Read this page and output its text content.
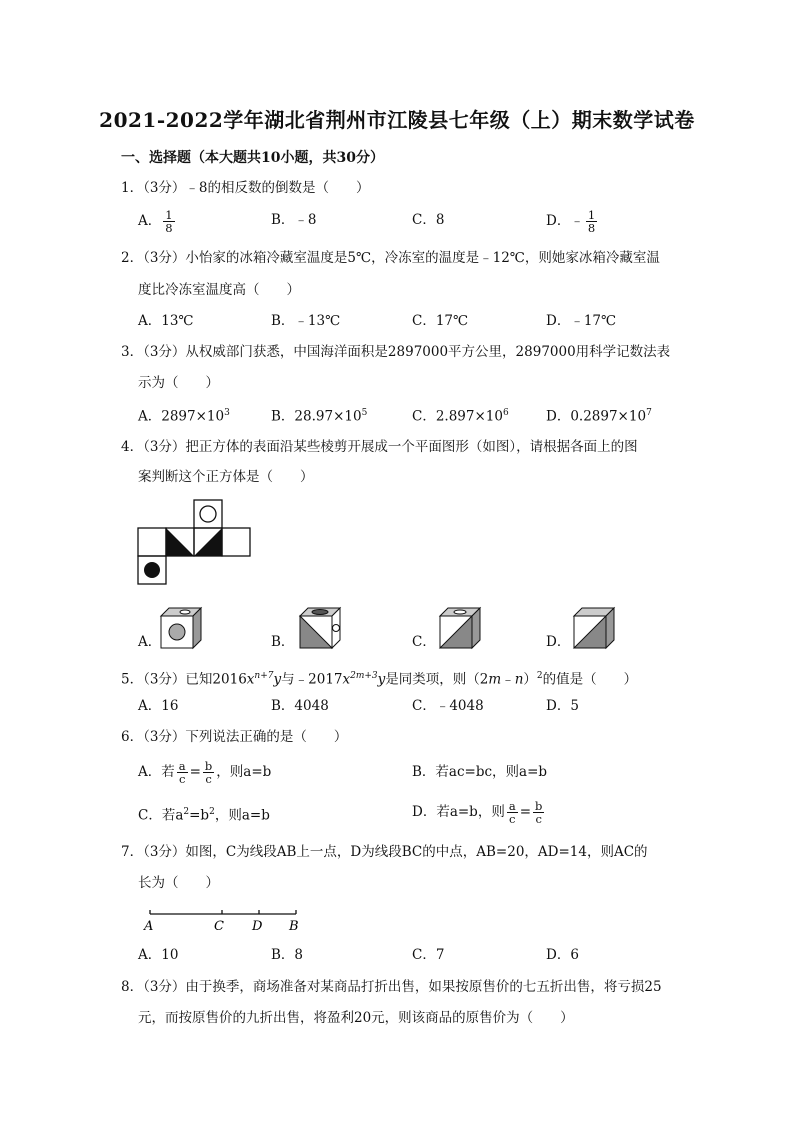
2021-2022学年湖北省荆州市江陵县七年级（上）期末数学试卷
一、选择题（本大题共10小题，共30分）
1．（3分）﹣8的相反数的倒数是（　　）
A． $\frac{1}{8}$	B．﹣8	C．8	D．﹣ $\frac{1}{8}$
2．（3分）小怡家的冰箱冷藏室温度是5℃，冷冻室的温度是﹣12℃，则她家冰箱冷藏室温
度比冷冻室温度高（　　）
A．13℃	B．﹣13℃	C．17℃	D．﹣17℃
3．（3分）从权威部门获悉，中国海洋面积是2897000平方公里，2897000用科学记数法表
示为（　　）
A．$2897\times 10^3$	B．$28.97\times 10^5$	C．$2.897\times 10^6$	D．$0.2897\times 10^7$
4．（3分）把正方体的表面沿某些棱剪开展成一个平面图形（如图），请根据各面上的图
案判断这个正方体是（　　）
A．	B．	C．	D．
5．（3分）已知$2016x^{n+7}y$与$﹣2017x^{2m+3}y$是同类项，则（2m﹣n）$^2$的值是（　　）
A．16	B．4048	C．﹣4048	D．5
6．（3分）下列说法正确的是（　　）
A．若 $\frac{a}{c} = \frac{b}{c}$ ，则a=b	B．若ac=bc，则a=b
C．若$a^2=b^2$，则a=b	D．若a=b，则 $\frac{a}{c} = \frac{b}{c}$
7．（3分）如图，C为线段AB上一点，D为线段BC的中点，AB=20，AD=14，则AC的
长为（　　）
A	C D B
A．10	B．8	C．7	D．6
8．（3分）由于换季，商场准备对某商品打折出售，如果按原售价的七五折出售，将亏损25
元，而按原售价的九折出售，将盈利20元，则该商品的原售价为（　　）
